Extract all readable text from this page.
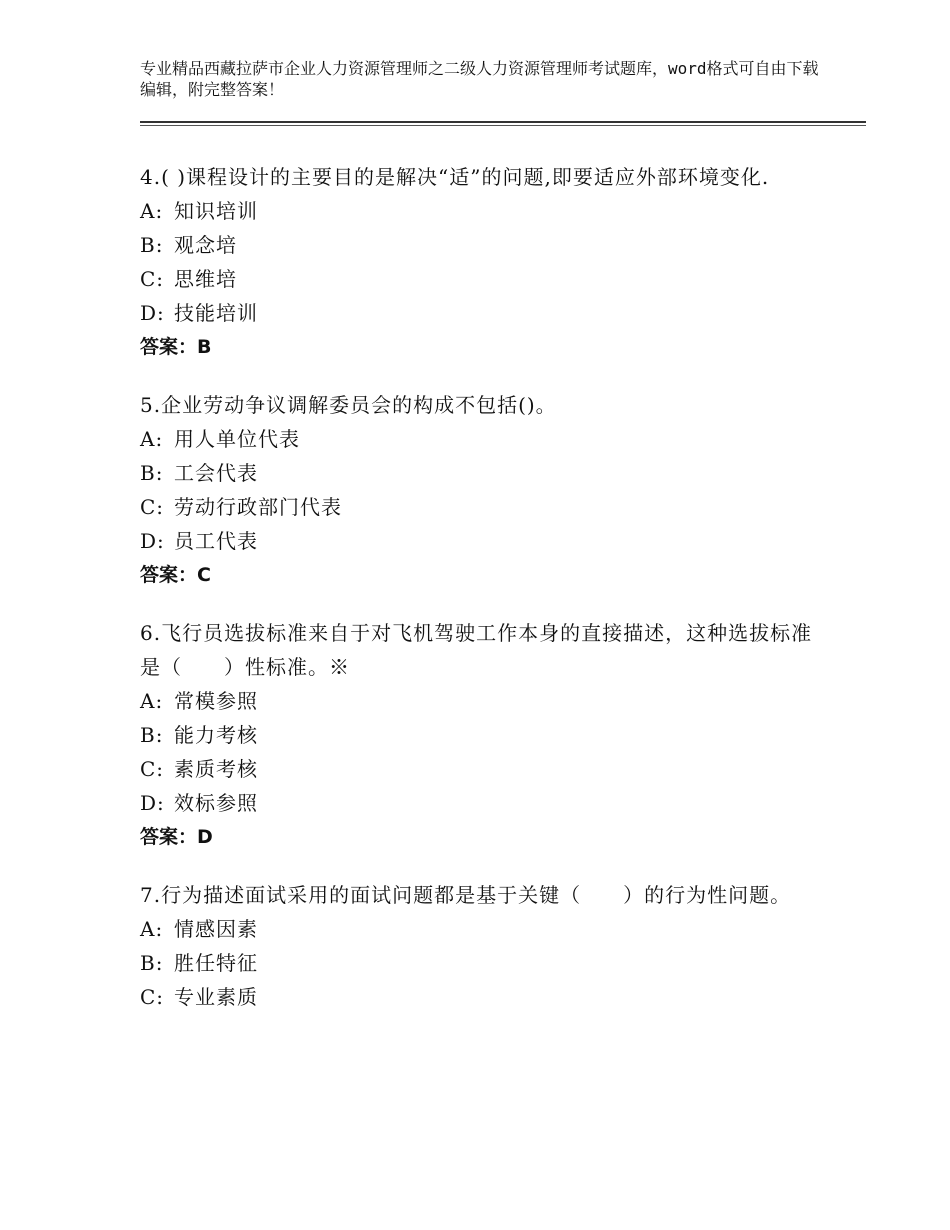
专业精品西藏拉萨市企业人力资源管理师之二级人力资源管理师考试题库，word格式可自由下载编辑，附完整答案！
4.( )课程设计的主要目的是解决“适”的问题,即要适应外部环境变化.
A: 知识培训
B: 观念培
C: 思维培
D: 技能培训
答案：B
5.企业劳动争议调解委员会的构成不包括()。
A: 用人单位代表
B: 工会代表
C: 劳动行政部门代表
D: 员工代表
答案：C
6.飞行员选拔标准来自于对飞机驾驶工作本身的直接描述，这种选拔标准是（　　）性标准。※
A: 常模参照
B: 能力考核
C: 素质考核
D: 效标参照
答案：D
7.行为描述面试采用的面试问题都是基于关键（　　）的行为性问题。
A: 情感因素
B: 胜任特征
C: 专业素质
